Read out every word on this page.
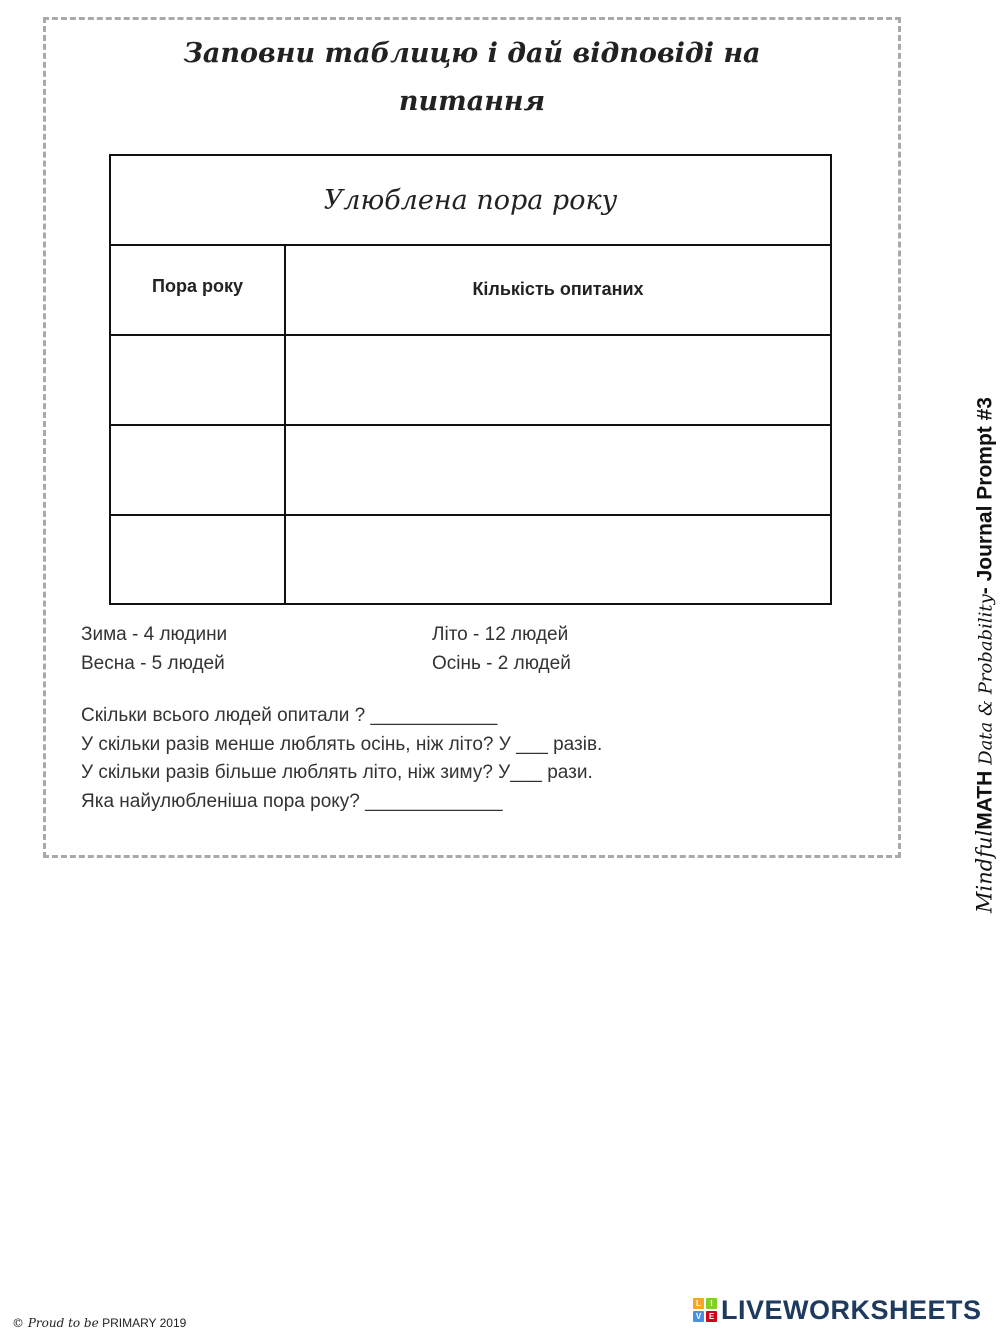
Заповни таблицю і дай відповіді на
питання
Улюблена пора року
Пора року	Кількість опитаних
Зима - 4 людини	Літо - 12 людей
Весна - 5 людей	Осінь - 2 людей
Скільки всього людей опитали ? ____________
У скільки разів менше люблять осінь, ніж літо? У ___ разів.
У скільки разів більше люблять літо, ніж зиму? У___ рази.
Яка найулюбленіша пора року? _____________
MindfulMATH Data & Probability- Journal Prompt #3
© Proud to be PRIMARY 2019
L	I
V E LIVEWORKSHEETS
